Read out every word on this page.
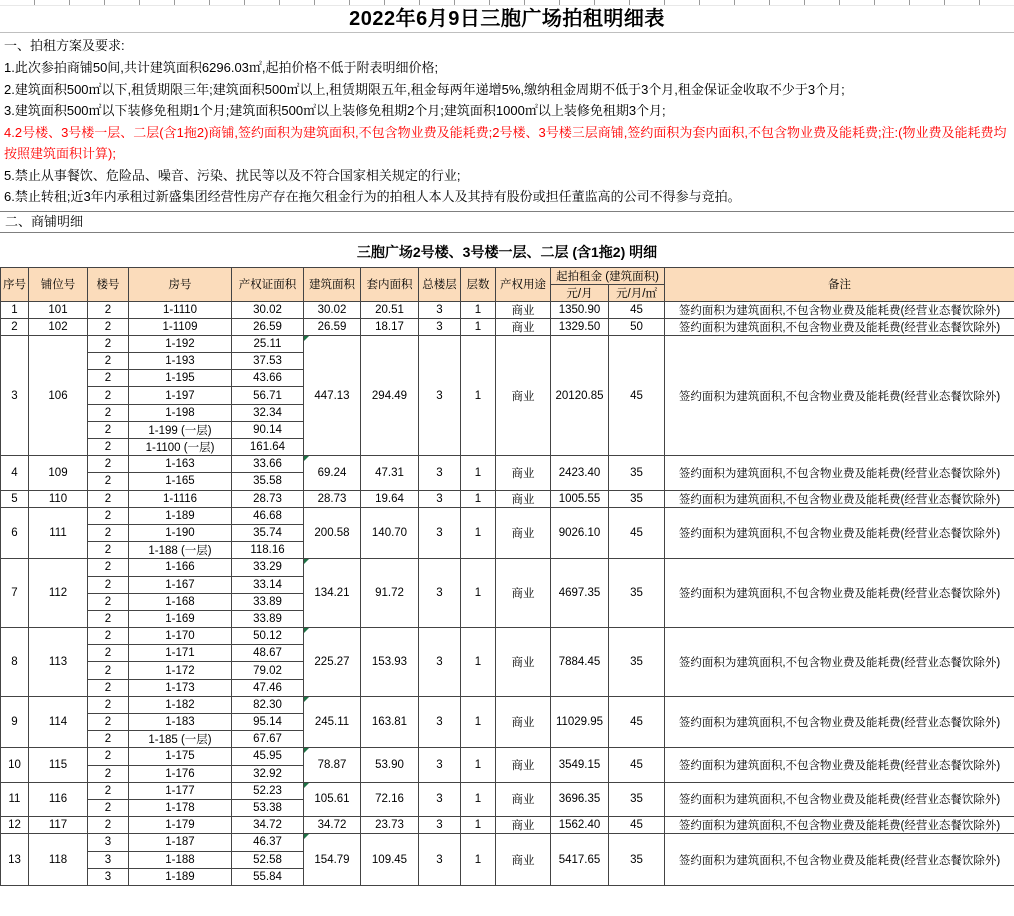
2022年6月9日三胞广场拍租明细表
一、拍租方案及要求:
1.此次参拍商铺50间,共计建筑面积6296.03㎡,起拍价格不低于附表明细价格;
2.建筑面积500㎡以下,租赁期限三年;建筑面积500㎡以上,租赁期限五年,租金每两年递增5%,缴纳租金周期不低于3个月,租金保证金收取不少于3个月;
3.建筑面积500㎡以下装修免租期1个月;建筑面积500㎡以上装修免租期2个月;建筑面积1000㎡以上装修免租期3个月;
4.2号楼、3号楼一层、二层(含1拖2)商铺,签约面积为建筑面积,不包含物业费及能耗费;2号楼、3号楼三层商铺,签约面积为套内面积,不包含物业费及能耗费;注:(物业费及能耗费均按照建筑面积计算);
5.禁止从事餐饮、危险品、噪音、污染、扰民等以及不符合国家相关规定的行业;
6.禁止转租;近3年内承租过新盛集团经营性房产存在拖欠租金行为的拍租人本人及其持有股份或担任董监高的公司不得参与竞拍。
二、商铺明细
三胞广场2号楼、3号楼一层、二层 (含1拖2) 明细
序号	铺位号	楼号	房号	产权证面积	建筑面积	套内面积	总楼层	层数	产权用途	起拍租金 (建筑面积)		备注
										元/月	元/月/㎡	
1	101	2	1-1110	30.02	30.02	20.51	3	1	商业	1350.90	45	签约面积为建筑面积,不包含物业费及能耗费(经营业态餐饮除外)
2	102	2	1-1109	26.59	26.59	18.17	3	1	商业	1329.50	50	签约面积为建筑面积,不包含物业费及能耗费(经营业态餐饮除外)
3	106	2	1-192	25.11	447.13	294.49	3	1	商业	20120.85	45	签约面积为建筑面积,不包含物业费及能耗费(经营业态餐饮除外)
		2	1-193	37.53								
		2	1-195	43.66								
		2	1-197	56.71								
		2	1-198	32.34								
		2	1-199 (一层)	90.14								
		2	1-1100 (一层)	161.64								
4	109	2	1-163	33.66	69.24	47.31	3	1	商业	2423.40	35	签约面积为建筑面积,不包含物业费及能耗费(经营业态餐饮除外)
		2	1-165	35.58								
5	110	2	1-1116	28.73	28.73	19.64	3	1	商业	1005.55	35	签约面积为建筑面积,不包含物业费及能耗费(经营业态餐饮除外)
6	111	2	1-189	46.68	200.58	140.70	3	1	商业	9026.10	45	签约面积为建筑面积,不包含物业费及能耗费(经营业态餐饮除外)
		2	1-190	35.74								
		2	1-188 (一层)	118.16								
7	112	2	1-166	33.29	134.21	91.72	3	1	商业	4697.35	35	签约面积为建筑面积,不包含物业费及能耗费(经营业态餐饮除外)
		2	1-167	33.14								
		2	1-168	33.89								
		2	1-169	33.89								
8	113	2	1-170	50.12	225.27	153.93	3	1	商业	7884.45	35	签约面积为建筑面积,不包含物业费及能耗费(经营业态餐饮除外)
		2	1-171	48.67								
		2	1-172	79.02								
		2	1-173	47.46								
9	114	2	1-182	82.30	245.11	163.81	3	1	商业	11029.95	45	签约面积为建筑面积,不包含物业费及能耗费(经营业态餐饮除外)
		2	1-183	95.14								
		2	1-185 (一层)	67.67								
10	115	2	1-175	45.95	78.87	53.90	3	1	商业	3549.15	45	签约面积为建筑面积,不包含物业费及能耗费(经营业态餐饮除外)
		2	1-176	32.92								
11	116	2	1-177	52.23	105.61	72.16	3	1	商业	3696.35	35	签约面积为建筑面积,不包含物业费及能耗费(经营业态餐饮除外)
		2	1-178	53.38								
12	117	2	1-179	34.72	34.72	23.73	3	1	商业	1562.40	45	签约面积为建筑面积,不包含物业费及能耗费(经营业态餐饮除外)
13	118	3	1-187	46.37	154.79	109.45	3	1	商业	5417.65	35	签约面积为建筑面积,不包含物业费及能耗费(经营业态餐饮除外)
		3	1-188	52.58								
		3	1-189	55.84								
